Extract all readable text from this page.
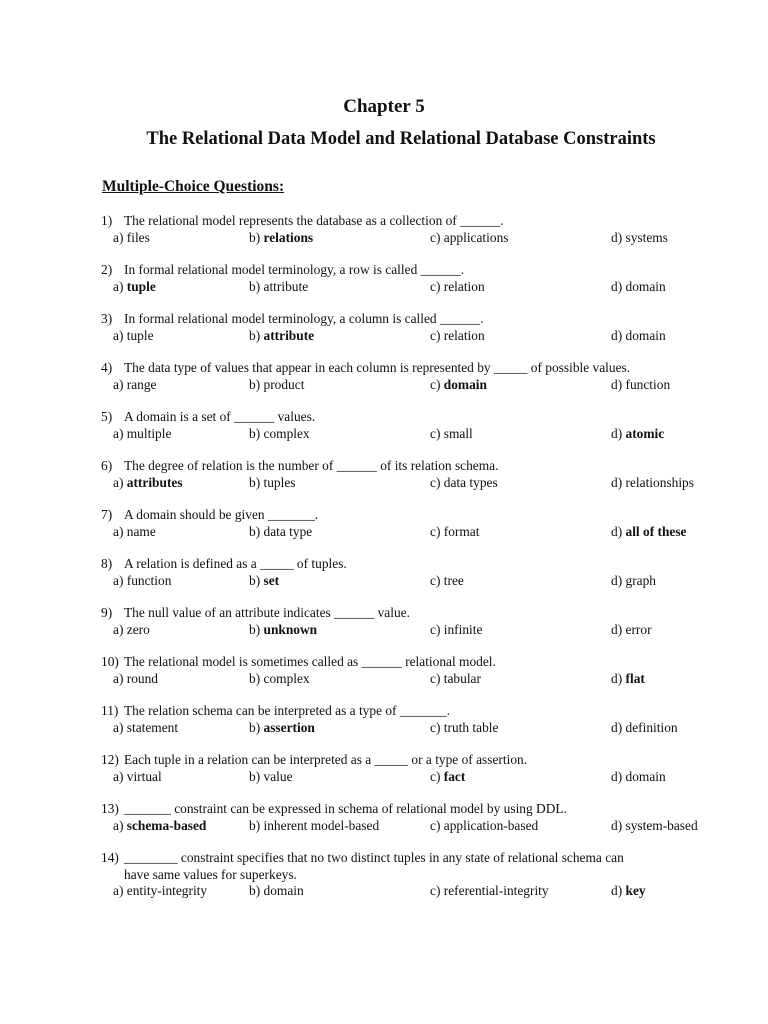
Chapter 5
The Relational Data Model and Relational Database Constraints
Multiple-Choice Questions:
1) The relational model represents the database as a collection of ______.
a) files	b) relations	c) applications	d) systems
2) In formal relational model terminology, a row is called ______.
a) tuple	b) attribute	c) relation	d) domain
3) In formal relational model terminology, a column is called ______.
a) tuple	b) attribute	c) relation	d) domain
4) The data type of values that appear in each column is represented by _____ of possible values.
a) range	b) product	c) domain	d) function
5) A domain is a set of ______ values.
a) multiple	b) complex	c) small	d) atomic
6) The degree of relation is the number of ______ of its relation schema.
a) attributes	b) tuples	c) data types	d) relationships
7) A domain should be given _______.
a) name	b) data type	c) format	d) all of these
8) A relation is defined as a _____ of tuples.
a) function	b) set	c) tree	d) graph
9) The null value of an attribute indicates ______ value.
a) zero	b) unknown	c) infinite	d) error
10) The relational model is sometimes called as ______ relational model.
a) round	b) complex	c) tabular	d) flat
11) The relation schema can be interpreted as a type of _______.
a) statement	b) assertion	c) truth table	d) definition
12) Each tuple in a relation can be interpreted as a _____ or a type of assertion.
a) virtual	b) value	c) fact	d) domain
13) _______ constraint can be expressed in schema of relational model by using DDL.
a) schema-based	b) inherent model-based	c) application-based	d) system-based
14) ________ constraint specifies that no two distinct tuples in any state of relational schema can
have same values for superkeys.
a) entity-integrity	b) domain	c) referential-integrity	d) key
